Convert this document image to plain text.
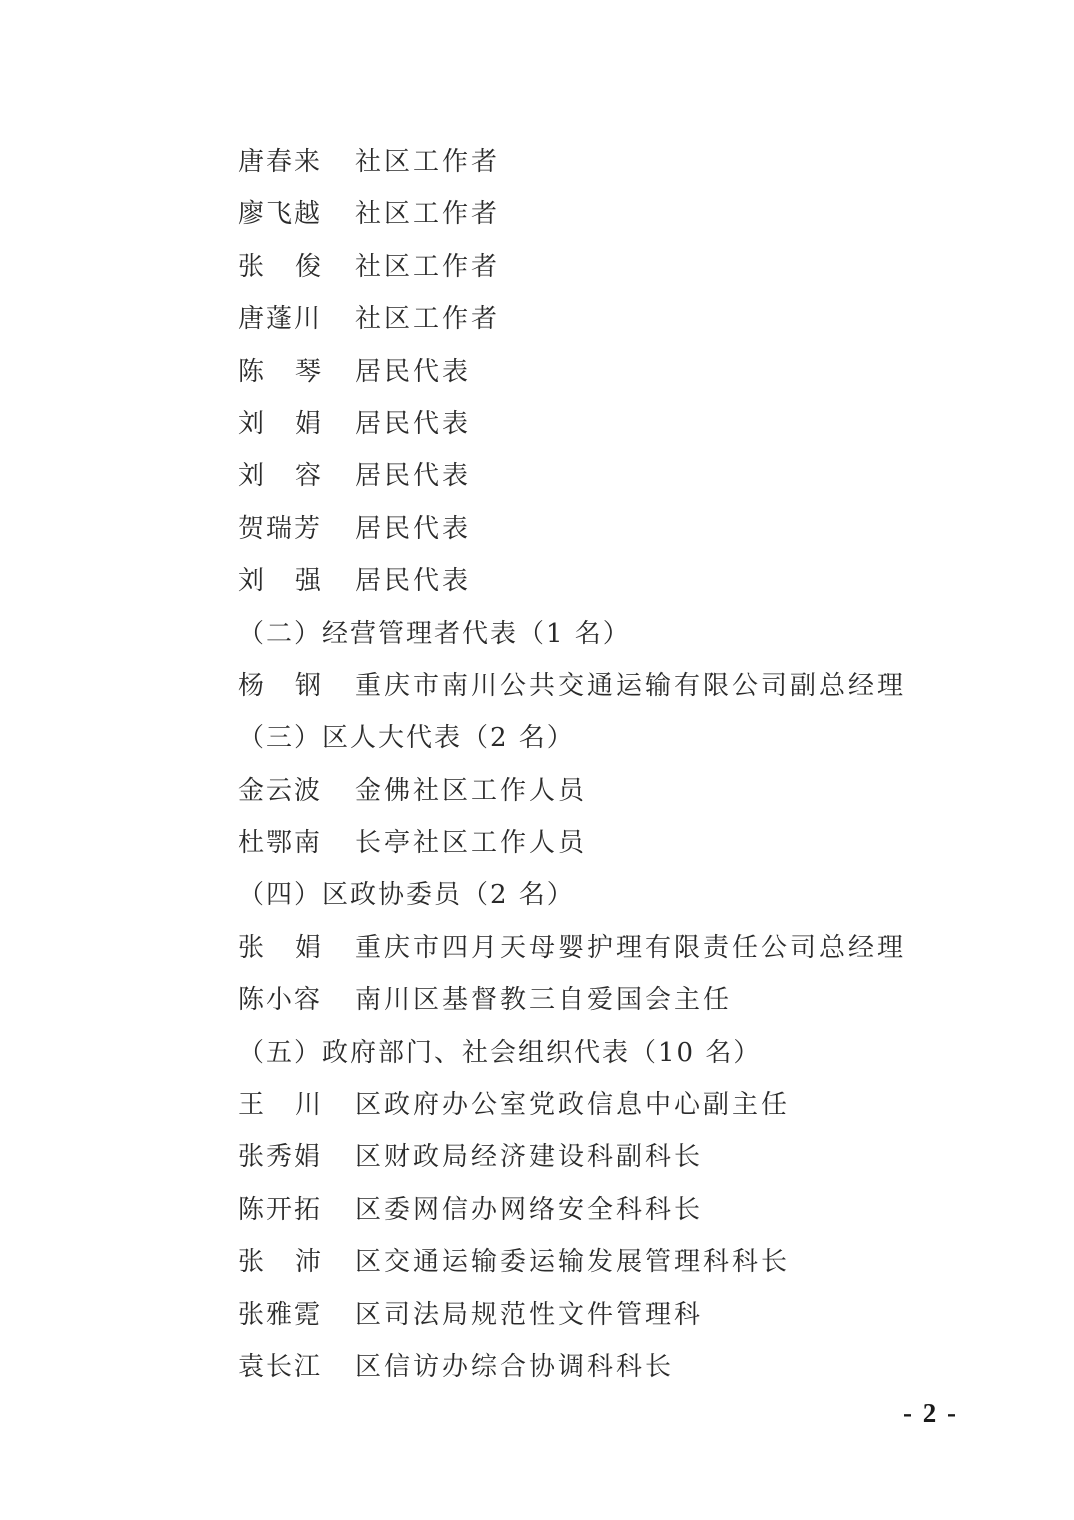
唐春来 社区工作者
廖飞越 社区工作者
张俊 社区工作者
唐蓬川 社区工作者
陈琴 居民代表
刘娟 居民代表
刘容 居民代表
贺瑞芳 居民代表
刘强 居民代表
（二）经营管理者代表（1 名）
杨钢 重庆市南川公共交通运输有限公司副总经理
（三）区人大代表（2 名）
金云波 金佛社区工作人员
杜鄂南 长亭社区工作人员
（四）区政协委员（2 名）
张娟 重庆市四月天母婴护理有限责任公司总经理
陈小容 南川区基督教三自爱国会主任
（五）政府部门、社会组织代表（10 名）
王川 区政府办公室党政信息中心副主任
张秀娟 区财政局经济建设科副科长
陈开拓 区委网信办网络安全科科长
张沛 区交通运输委运输发展管理科科长
张雅霓 区司法局规范性文件管理科
袁长江 区信访办综合协调科科长
- 2 -
